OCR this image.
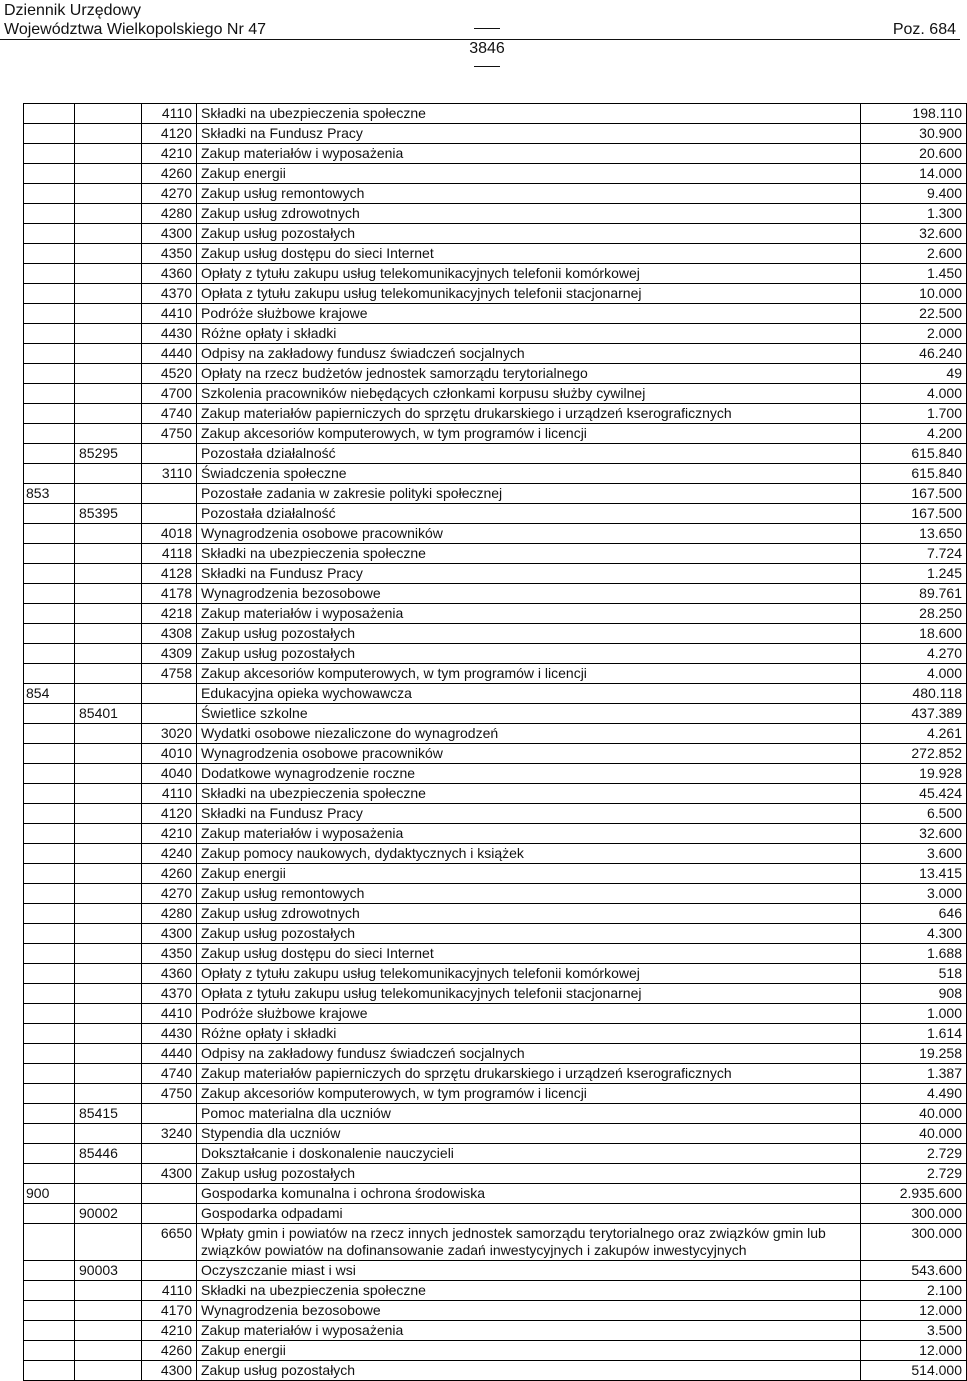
Dziennik Urzędowy
Województwa Wielkopolskiego Nr 47
3846
Poz. 684
		4110	Składki na ubezpieczenia społeczne	198.110
		4120	Składki na Fundusz Pracy	30.900
		4210	Zakup materiałów i wyposażenia	20.600
		4260	Zakup energii	14.000
		4270	Zakup usług remontowych	9.400
		4280	Zakup usług zdrowotnych	1.300
		4300	Zakup usług pozostałych	32.600
		4350	Zakup usług dostępu do sieci Internet	2.600
		4360	Opłaty z tytułu zakupu usług telekomunikacyjnych telefonii komórkowej	1.450
		4370	Opłata z tytułu zakupu usług telekomunikacyjnych telefonii stacjonarnej	10.000
		4410	Podróże służbowe krajowe	22.500
		4430	Różne opłaty i składki	2.000
		4440	Odpisy na zakładowy fundusz świadczeń socjalnych	46.240
		4520	Opłaty na rzecz budżetów jednostek samorządu terytorialnego	49
		4700	Szkolenia pracowników niebędących członkami korpusu służby cywilnej	4.000
		4740	Zakup materiałów papierniczych do sprzętu drukarskiego i urządzeń kserograficznych	1.700
		4750	Zakup akcesoriów komputerowych, w tym programów i licencji	4.200
	85295		Pozostała działalność	615.840
		3110	Świadczenia społeczne	615.840
853			Pozostałe zadania w zakresie polityki społecznej	167.500
	85395		Pozostała działalność	167.500
		4018	Wynagrodzenia osobowe pracowników	13.650
		4118	Składki na ubezpieczenia społeczne	7.724
		4128	Składki na Fundusz Pracy	1.245
		4178	Wynagrodzenia bezosobowe	89.761
		4218	Zakup materiałów i wyposażenia	28.250
		4308	Zakup usług pozostałych	18.600
		4309	Zakup usług pozostałych	4.270
		4758	Zakup akcesoriów komputerowych, w tym programów i licencji	4.000
854			Edukacyjna opieka wychowawcza	480.118
	85401		Świetlice szkolne	437.389
		3020	Wydatki osobowe niezaliczone do wynagrodzeń	4.261
		4010	Wynagrodzenia osobowe pracowników	272.852
		4040	Dodatkowe wynagrodzenie roczne	19.928
		4110	Składki na ubezpieczenia społeczne	45.424
		4120	Składki na Fundusz Pracy	6.500
		4210	Zakup materiałów i wyposażenia	32.600
		4240	Zakup pomocy naukowych, dydaktycznych i książek	3.600
		4260	Zakup energii	13.415
		4270	Zakup usług remontowych	3.000
		4280	Zakup usług zdrowotnych	646
		4300	Zakup usług pozostałych	4.300
		4350	Zakup usług dostępu do sieci Internet	1.688
		4360	Opłaty z tytułu zakupu usług telekomunikacyjnych telefonii komórkowej	518
		4370	Opłata z tytułu zakupu usług telekomunikacyjnych telefonii stacjonarnej	908
		4410	Podróże służbowe krajowe	1.000
		4430	Różne opłaty i składki	1.614
		4440	Odpisy na zakładowy fundusz świadczeń socjalnych	19.258
		4740	Zakup materiałów papierniczych do sprzętu drukarskiego i urządzeń kserograficznych	1.387
		4750	Zakup akcesoriów komputerowych, w tym programów i licencji	4.490
	85415		Pomoc materialna dla uczniów	40.000
		3240	Stypendia dla uczniów	40.000
	85446		Dokształcanie i doskonalenie nauczycieli	2.729
		4300	Zakup usług pozostałych	2.729
900			Gospodarka komunalna i ochrona środowiska	2.935.600
	90002		Gospodarka odpadami	300.000
		6650	Wpłaty gmin i powiatów na rzecz innych jednostek samorządu terytorialnego oraz związków gmin lub związków powiatów na dofinansowanie zadań inwestycyjnych i zakupów inwestycyjnych	300.000
	90003		Oczyszczanie miast i wsi	543.600
		4110	Składki na ubezpieczenia społeczne	2.100
		4170	Wynagrodzenia bezosobowe	12.000
		4210	Zakup materiałów i wyposażenia	3.500
		4260	Zakup energii	12.000
		4300	Zakup usług pozostałych	514.000
